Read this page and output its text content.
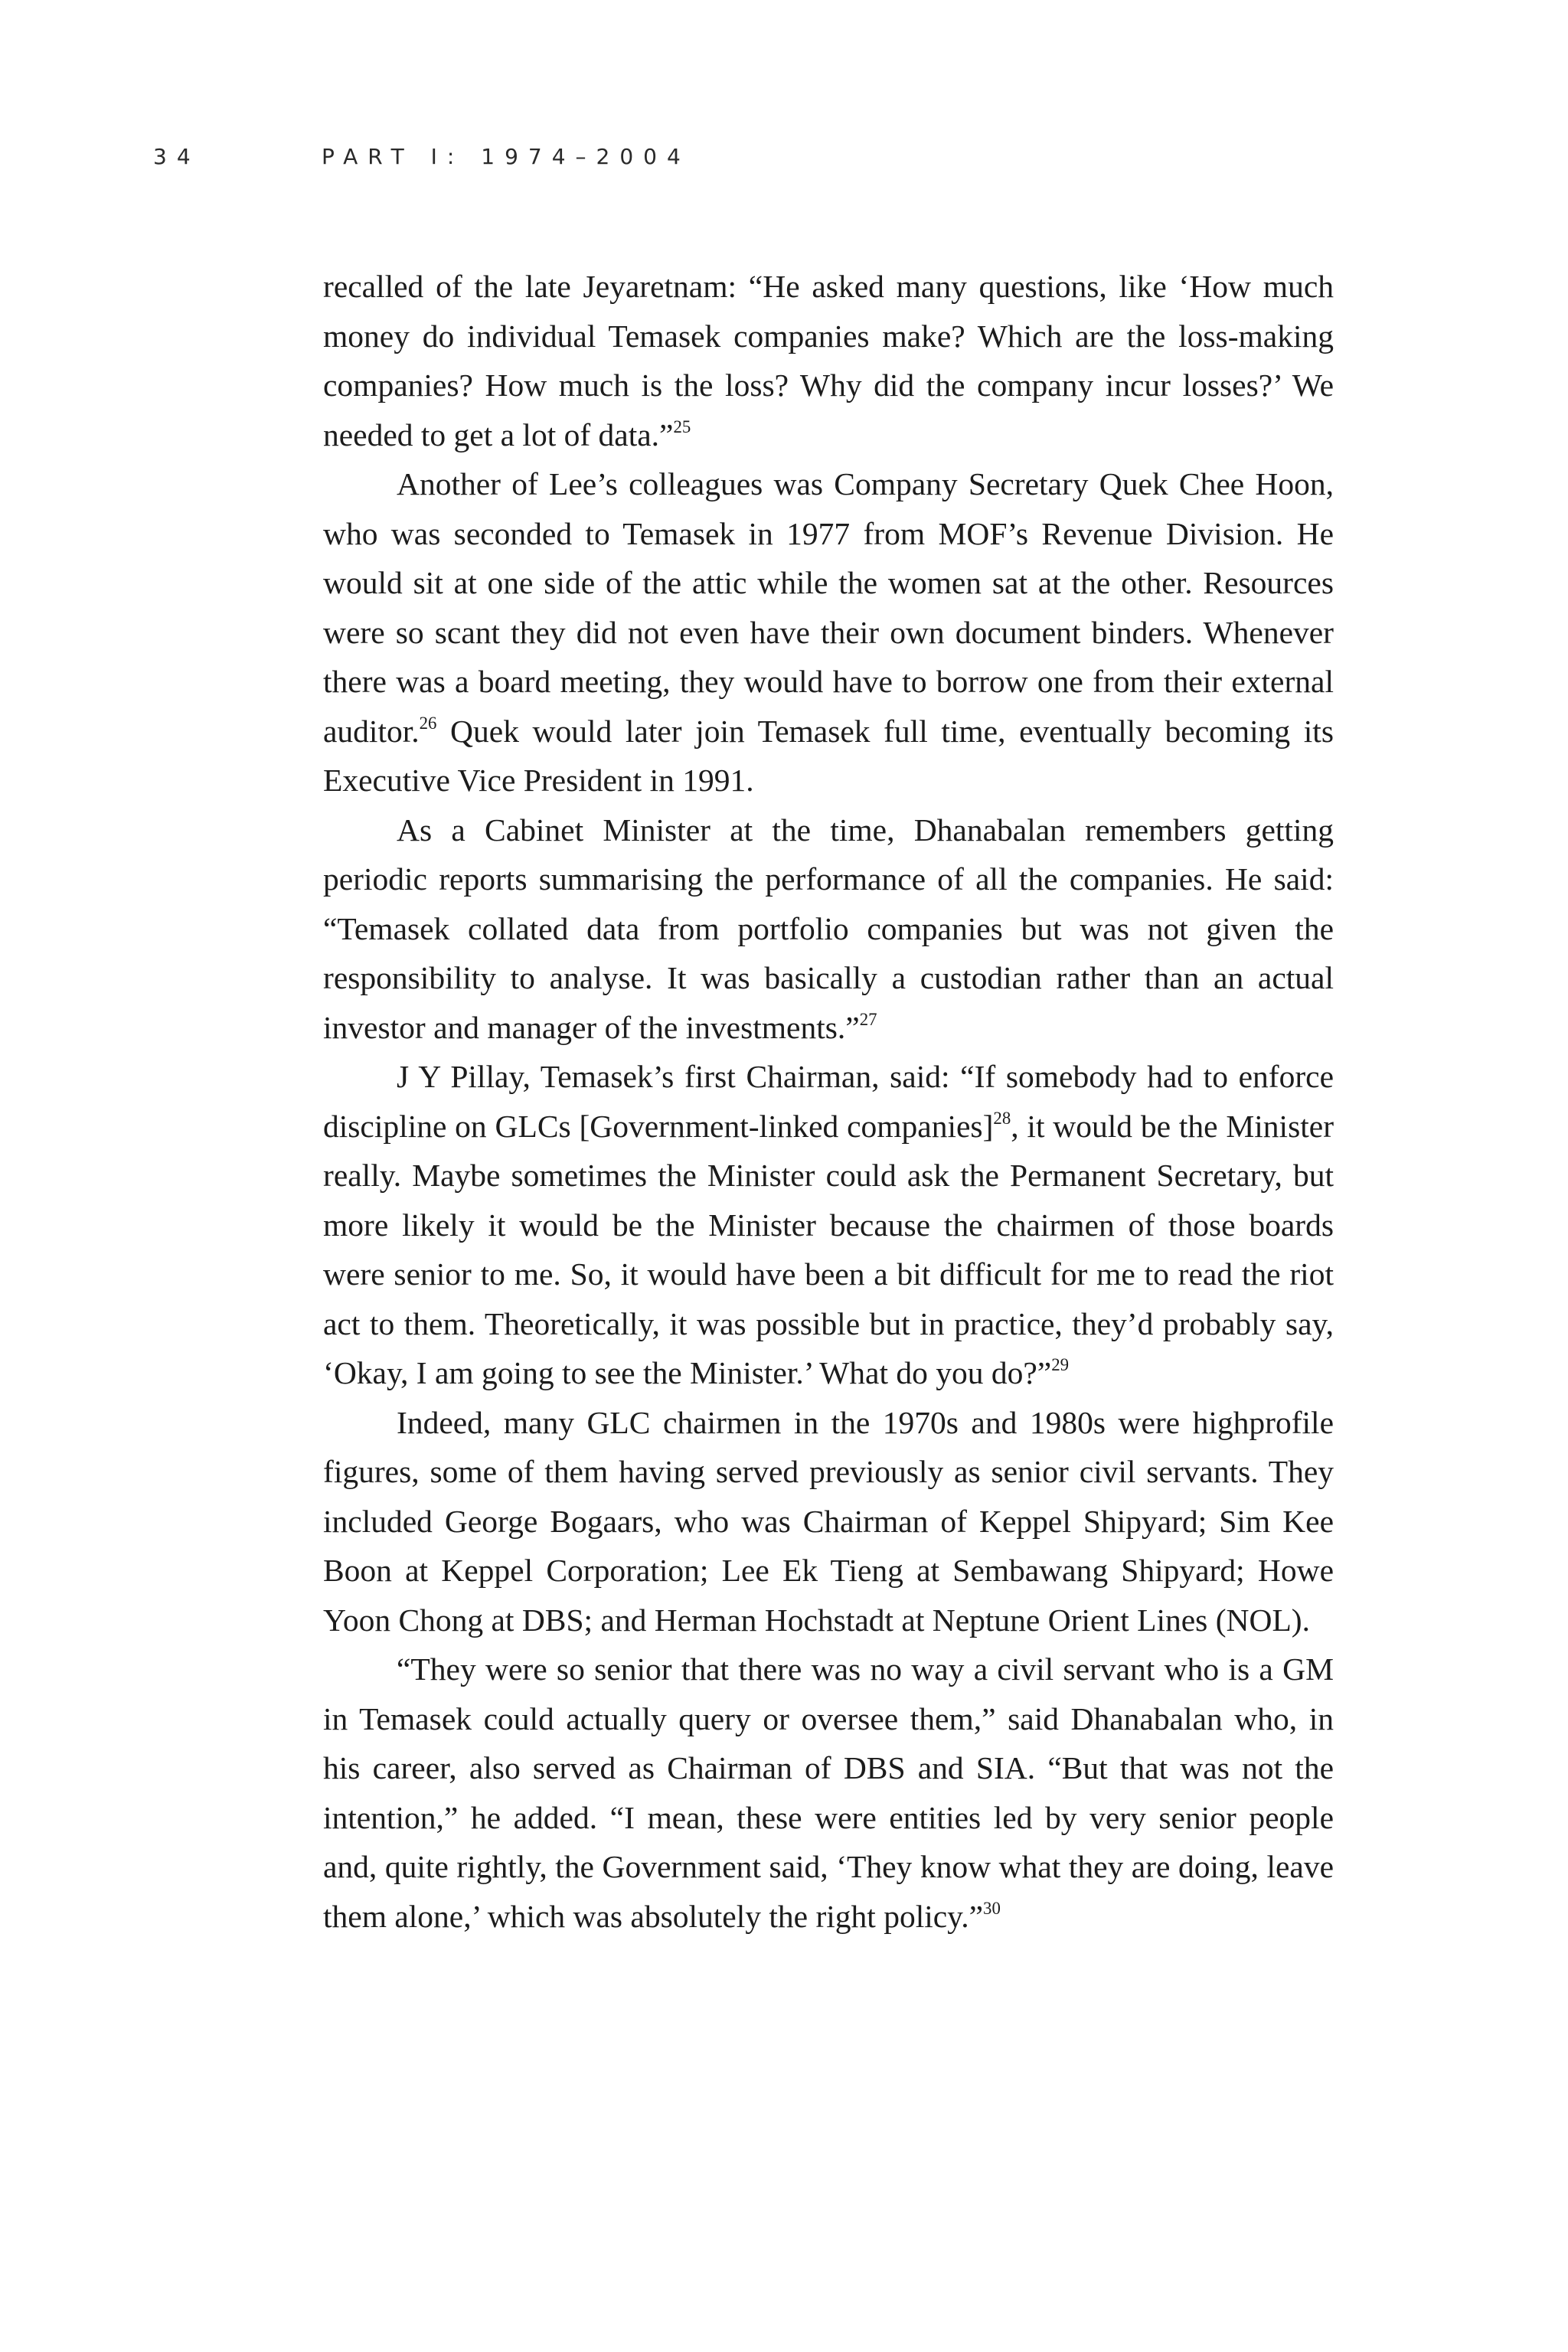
34	PART I: 1974–2004

recalled of the late Jeyaretnam: “He asked many questions, like ‘How much money do individual Temasek companies make? Which are the loss-making companies? How much is the loss? Why did the company incur losses?’ We needed to get a lot of data.”$^{25}$

Another of Lee’s colleagues was Company Secretary Quek Chee Hoon, who was seconded to Temasek in 1977 from MOF’s Revenue Division. He would sit at one side of the attic while the women sat at the other. Resources were so scant they did not even have their own document binders. Whenever there was a board meeting, they would have to borrow one from their external auditor.$^{26}$ Quek would later join Temasek full time, eventually becoming its Executive Vice President in 1991.

As a Cabinet Minister at the time, Dhanabalan remembers getting periodic reports summarising the performance of all the companies. He said: “Temasek collated data from portfolio companies but was not given the responsibility to analyse. It was basically a custodian rather than an actual investor and manager of the investments.”$^{27}$

J Y Pillay, Temasek’s first Chairman, said: “If somebody had to enforce discipline on GLCs [Government-linked companies]$^{28}$, it would be the Minister really. Maybe sometimes the Minister could ask the Permanent Secretary, but more likely it would be the Minister because the chairmen of those boards were senior to me. So, it would have been a bit difficult for me to read the riot act to them. Theoretically, it was possible but in practice, they’d probably say, ‘Okay, I am going to see the Minister.’ What do you do?”$^{29}$

Indeed, many GLC chairmen in the 1970s and 1980s were highprofile figures, some of them having served previously as senior civil servants. They included George Bogaars, who was Chairman of Keppel Shipyard; Sim Kee Boon at Keppel Corporation; Lee Ek Tieng at Sembawang Shipyard; Howe Yoon Chong at DBS; and Herman Hochstadt at Neptune Orient Lines (NOL).

“They were so senior that there was no way a civil servant who is a GM in Temasek could actually query or oversee them,” said Dhanabalan who, in his career, also served as Chairman of DBS and SIA. “But that was not the intention,” he added. “I mean, these were entities led by very senior people and, quite rightly, the Government said, ‘They know what they are doing, leave them alone,’ which was absolutely the right policy.”$^{30}$
